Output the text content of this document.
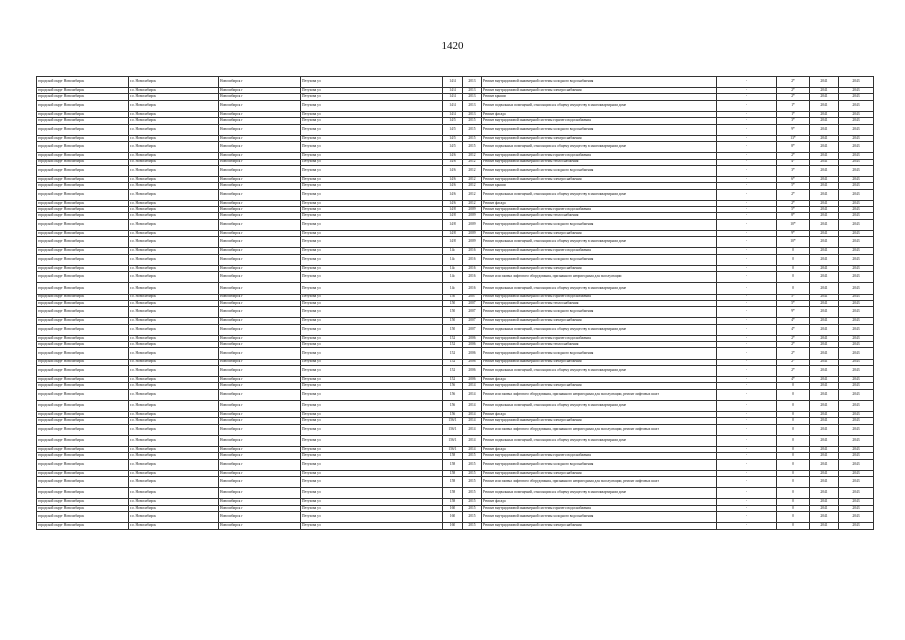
1420
городской округ Новосибирск	г.о. Новосибирск	Новосибирск г	Петухова ул	14/4	2013	Ремонт внутридомовой инженерной системы холодного водоснабжения	-	2*	2041	2043
городской округ Новосибирск	г.о. Новосибирск	Новосибирск г	Петухова ул	14/4	2013	Ремонт внутридомовой инженерной системы электроснабжения	-	2*	2041	2043
городской округ Новосибирск	г.о. Новосибирск	Новосибирск г	Петухова ул	14/4	2013	Ремонт крыши	-	2*	2041	2043
городской округ Новосибирск	г.о. Новосибирск	Новосибирск г	Петухова ул	14/4	2013	Ремонт подвальных помещений, относящихся к общему имуществу в многоквартирном доме	-	1*	2041	2043
городской округ Новосибирск	г.о. Новосибирск	Новосибирск г	Петухова ул	14/4	2013	Ремонт фасада	-	1*	2041	2043
городской округ Новосибирск	г.о. Новосибирск	Новосибирск г	Петухова ул	14/5	2015	Ремонт внутридомовой инженерной системы горячего водоснабжения	-	3*	2041	2043
городской округ Новосибирск	г.о. Новосибирск	Новосибирск г	Петухова ул	14/5	2015	Ремонт внутридомовой инженерной системы холодного водоснабжения	-	9*	2041	2043
городской округ Новосибирск	г.о. Новосибирск	Новосибирск г	Петухова ул	14/5	2015	Ремонт внутридомовой инженерной системы электроснабжения	-	13*	2041	2043
городской округ Новосибирск	г.о. Новосибирск	Новосибирск г	Петухова ул	14/5	2015	Ремонт подвальных помещений, относящихся к общему имуществу в многоквартирном доме	-	8*	2041	2043
городской округ Новосибирск	г.о. Новосибирск	Новосибирск г	Петухова ул	14/6	2012	Ремонт внутридомовой инженерной системы горячего водоснабжения	-	2*	2041	2043
городской округ Новосибирск	г.о. Новосибирск	Новосибирск г	Петухова ул	14/6	2012	Ремонт внутридомовой инженерной системы теплоснабжения	-	4*	2041	2043
городской округ Новосибирск	г.о. Новосибирск	Новосибирск г	Петухова ул	14/6	2012	Ремонт внутридомовой инженерной системы холодного водоснабжения	-	3*	2041	2043
городской округ Новосибирск	г.о. Новосибирск	Новосибирск г	Петухова ул	14/6	2012	Ремонт внутридомовой инженерной системы электроснабжения	-	6*	2041	2043
городской округ Новосибирск	г.о. Новосибирск	Новосибирск г	Петухова ул	14/6	2012	Ремонт крыши	-	5*	2041	2043
городской округ Новосибирск	г.о. Новосибирск	Новосибирск г	Петухова ул	14/6	2012	Ремонт подвальных помещений, относящихся к общему имуществу в многоквартирном доме	-	2*	2041	2043
городской округ Новосибирск	г.о. Новосибирск	Новосибирск г	Петухова ул	14/6	2012	Ремонт фасада	-	2*	2041	2043
городской округ Новосибирск	г.о. Новосибирск	Новосибирск г	Петухова ул	14/8	2009	Ремонт внутридомовой инженерной системы горячего водоснабжения	-	5*	2041	2043
городской округ Новосибирск	г.о. Новосибирск	Новосибирск г	Петухова ул	14/8	2009	Ремонт внутридомовой инженерной системы теплоснабжения	-	8*	2041	2043
городской округ Новосибирск	г.о. Новосибирск	Новосибирск г	Петухова ул	14/8	2009	Ремонт внутридомовой инженерной системы холодного водоснабжения	-	10*	2041	2043
городской округ Новосибирск	г.о. Новосибирск	Новосибирск г	Петухова ул	14/8	2009	Ремонт внутридомовой инженерной системы электроснабжения	-	9*	2041	2043
городской округ Новосибирск	г.о. Новосибирск	Новосибирск г	Петухова ул	14/8	2009	Ремонт подвальных помещений, относящихся к общему имуществу в многоквартирном доме	-	10*	2041	2043
городской округ Новосибирск	г.о. Новосибирск	Новосибирск г	Петухова ул	14с	2016	Ремонт внутридомовой инженерной системы горячего водоснабжения	-	0	2041	2043
городской округ Новосибирск	г.о. Новосибирск	Новосибирск г	Петухова ул	14с	2016	Ремонт внутридомовой инженерной системы холодного водоснабжения	-	0	2041	2043
городской округ Новосибирск	г.о. Новосибирск	Новосибирск г	Петухова ул	14с	2016	Ремонт внутридомовой инженерной системы электроснабжения	-	0	2041	2043
городской округ Новосибирск	г.о. Новосибирск	Новосибирск г	Петухова ул	14с	2016	Ремонт или замена лифтового оборудования, признанного непригодным для эксплуатации	-	0	2041	2043
городской округ Новосибирск	г.о. Новосибирск	Новосибирск г	Петухова ул	14с	2016	Ремонт подвальных помещений, относящихся к общему имуществу в многоквартирном доме	-	0	2041	2043
городской округ Новосибирск	г.о. Новосибирск	Новосибирск г	Петухова ул	150	2007	Ремонт внутридомовой инженерной системы горячего водоснабжения	-	5*	2041	2043
городской округ Новосибирск	г.о. Новосибирск	Новосибирск г	Петухова ул	150	2007	Ремонт внутридомовой инженерной системы теплоснабжения	-	5*	2041	2043
городской округ Новосибирск	г.о. Новосибирск	Новосибирск г	Петухова ул	150	2007	Ремонт внутридомовой инженерной системы холодного водоснабжения	-	9*	2041	2043
городской округ Новосибирск	г.о. Новосибирск	Новосибирск г	Петухова ул	150	2007	Ремонт внутридомовой инженерной системы электроснабжения	-	4*	2041	2043
городской округ Новосибирск	г.о. Новосибирск	Новосибирск г	Петухова ул	150	2007	Ремонт подвальных помещений, относящихся к общему имуществу в многоквартирном доме	-	4*	2041	2043
городской округ Новосибирск	г.о. Новосибирск	Новосибирск г	Петухова ул	152	2006	Ремонт внутридомовой инженерной системы горячего водоснабжения	-	2*	2041	2043
городской округ Новосибирск	г.о. Новосибирск	Новосибирск г	Петухова ул	152	2006	Ремонт внутридомовой инженерной системы теплоснабжения	-	2*	2041	2043
городской округ Новосибирск	г.о. Новосибирск	Новосибирск г	Петухова ул	152	2006	Ремонт внутридомовой инженерной системы холодного водоснабжения	-	2*	2041	2043
городской округ Новосибирск	г.о. Новосибирск	Новосибирск г	Петухова ул	152	2006	Ремонт внутридомовой инженерной системы электроснабжения	-	2*	2041	2043
городской округ Новосибирск	г.о. Новосибирск	Новосибирск г	Петухова ул	152	2006	Ремонт подвальных помещений, относящихся к общему имуществу в многоквартирном доме	-	2*	2041	2043
городской округ Новосибирск	г.о. Новосибирск	Новосибирск г	Петухова ул	152	2006	Ремонт фасада	-	4*	2041	2043
городской округ Новосибирск	г.о. Новосибирск	Новосибирск г	Петухова ул	156	2014	Ремонт внутридомовой инженерной системы электроснабжения	-	0	2041	2043
городской округ Новосибирск	г.о. Новосибирск	Новосибирск г	Петухова ул	156	2014	Ремонт или замена лифтового оборудования, признанного непригодным для эксплуатации, ремонт лифтовых шахт	-	0	2041	2043
городской округ Новосибирск	г.о. Новосибирск	Новосибирск г	Петухова ул	156	2014	Ремонт подвальных помещений, относящихся к общему имуществу в многоквартирном доме	-	0	2041	2043
городской округ Новосибирск	г.о. Новосибирск	Новосибирск г	Петухова ул	156	2014	Ремонт фасада	-	0	2041	2043
городской округ Новосибирск	г.о. Новосибирск	Новосибирск г	Петухова ул	156/1	2014	Ремонт внутридомовой инженерной системы электроснабжения	-	0	2041	2043
городской округ Новосибирск	г.о. Новосибирск	Новосибирск г	Петухова ул	156/1	2014	Ремонт или замена лифтового оборудования, признанного непригодным для эксплуатации, ремонт лифтовых шахт	-	0	2041	2043
городской округ Новосибирск	г.о. Новосибирск	Новосибирск г	Петухова ул	156/1	2014	Ремонт подвальных помещений, относящихся к общему имуществу в многоквартирном доме	-	0	2041	2043
городской округ Новосибирск	г.о. Новосибирск	Новосибирск г	Петухова ул	156/1	2014	Ремонт фасада	-	0	2041	2043
городской округ Новосибирск	г.о. Новосибирск	Новосибирск г	Петухова ул	158	2015	Ремонт внутридомовой инженерной системы горячего водоснабжения	-	0	2041	2043
городской округ Новосибирск	г.о. Новосибирск	Новосибирск г	Петухова ул	158	2015	Ремонт внутридомовой инженерной системы холодного водоснабжения	-	0	2041	2043
городской округ Новосибирск	г.о. Новосибирск	Новосибирск г	Петухова ул	158	2015	Ремонт внутридомовой инженерной системы электроснабжения	-	0	2041	2043
городской округ Новосибирск	г.о. Новосибирск	Новосибирск г	Петухова ул	158	2015	Ремонт или замена лифтового оборудования, признанного непригодным для эксплуатации, ремонт лифтовых шахт	-	0	2041	2043
городской округ Новосибирск	г.о. Новосибирск	Новосибирск г	Петухова ул	158	2015	Ремонт подвальных помещений, относящихся к общему имуществу в многоквартирном доме	-	0	2041	2043
городской округ Новосибирск	г.о. Новосибирск	Новосибирск г	Петухова ул	158	2015	Ремонт фасада	-	0	2041	2043
городской округ Новосибирск	г.о. Новосибирск	Новосибирск г	Петухова ул	160	2015	Ремонт внутридомовой инженерной системы горячего водоснабжения	-	0	2041	2043
городской округ Новосибирск	г.о. Новосибирск	Новосибирск г	Петухова ул	160	2015	Ремонт внутридомовой инженерной системы холодного водоснабжения	-	0	2041	2043
городской округ Новосибирск	г.о. Новосибирск	Новосибирск г	Петухова ул	160	2015	Ремонт внутридомовой инженерной системы электроснабжения	-	0	2041	2043
